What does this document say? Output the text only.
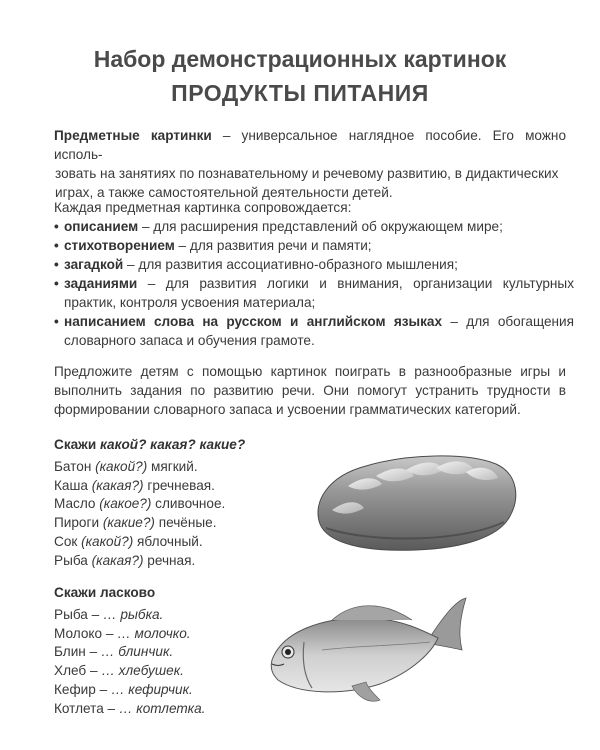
Набор демонстрационных картинок
ПРОДУКТЫ ПИТАНИЯ
Предметные картинки – универсальное наглядное пособие. Его можно исполь-
зовать на занятиях по познавательному и речевому развитию, в дидактических
играх, а также самостоятельной деятельности детей.
Каждая предметная картинка сопровождается:
• описанием – для расширения представлений об окружающем мире;
• стихотворением – для развития речи и памяти;
• загадкой – для развития ассоциативно-образного мышления;
• заданиями – для развития логики и внимания, организации культурных практик, контроля усвоения материала;
• написанием слова на русском и английском языках – для обогащения словарного запаса и обучения грамоте.
Предложите детям с помощью картинок поиграть в разнообразные игры и выполнить задания по развитию речи. Они помогут устранить трудности в формировании словарного запаса и усвоении грамматических категорий.
Скажи какой? какая? какие?
Батон (какой?) мягкий.
Каша (какая?) гречневая.
Масло (какое?) сливочное.
Пироги (какие?) печёные.
Сок (какой?) яблочный.
Рыба (какая?) речная.
Скажи ласково
Рыба – … рыбка.
Молоко – … молочко.
Блин – … блинчик.
Хлеб – … хлебушек.
Кефир – … кефирчик.
Котлета – … котлетка.
